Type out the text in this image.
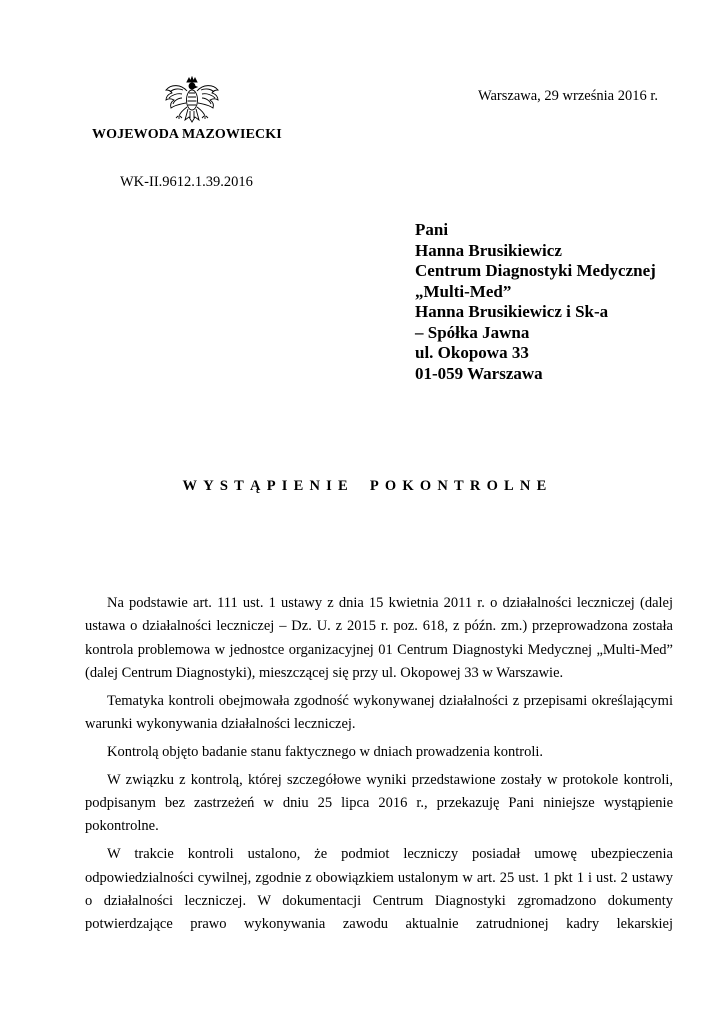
WOJEWODA MAZOWIECKI
Warszawa, 29 września 2016 r.
WK-II.9612.1.39.2016
Pani
Hanna Brusikiewicz
Centrum Diagnostyki Medycznej
„Multi-Med”
Hanna Brusikiewicz i Sk-a
– Spółka Jawna
ul. Okopowa 33
01-059 Warszawa
WYSTĄPIENIE POKONTROLNE

Na podstawie art. 111 ust. 1 ustawy z dnia 15 kwietnia 2011 r. o działalności leczniczej (dalej ustawa o działalności leczniczej – Dz. U. z 2015 r. poz. 618, z późn. zm.) przeprowadzona została kontrola problemowa w jednostce organizacyjnej 01 Centrum Diagnostyki Medycznej „Multi-Med” (dalej Centrum Diagnostyki), mieszczącej się przy ul. Okopowej 33 w Warszawie.

Tematyka kontroli obejmowała zgodność wykonywanej działalności z przepisami określającymi warunki wykonywania działalności leczniczej.

Kontrolą objęto badanie stanu faktycznego w dniach prowadzenia kontroli.

W związku z kontrolą, której szczegółowe wyniki przedstawione zostały w protokole kontroli, podpisanym bez zastrzeżeń w dniu 25 lipca 2016 r., przekazuję Pani niniejsze wystąpienie pokontrolne.

W trakcie kontroli ustalono, że podmiot leczniczy posiadał umowę ubezpieczenia odpowiedzialności cywilnej, zgodnie z obowiązkiem ustalonym w art. 25 ust. 1 pkt 1 i ust. 2 ustawy o działalności leczniczej. W dokumentacji Centrum Diagnostyki zgromadzono dokumenty potwierdzające prawo wykonywania zawodu aktualnie zatrudnionej kadry lekarskiej
